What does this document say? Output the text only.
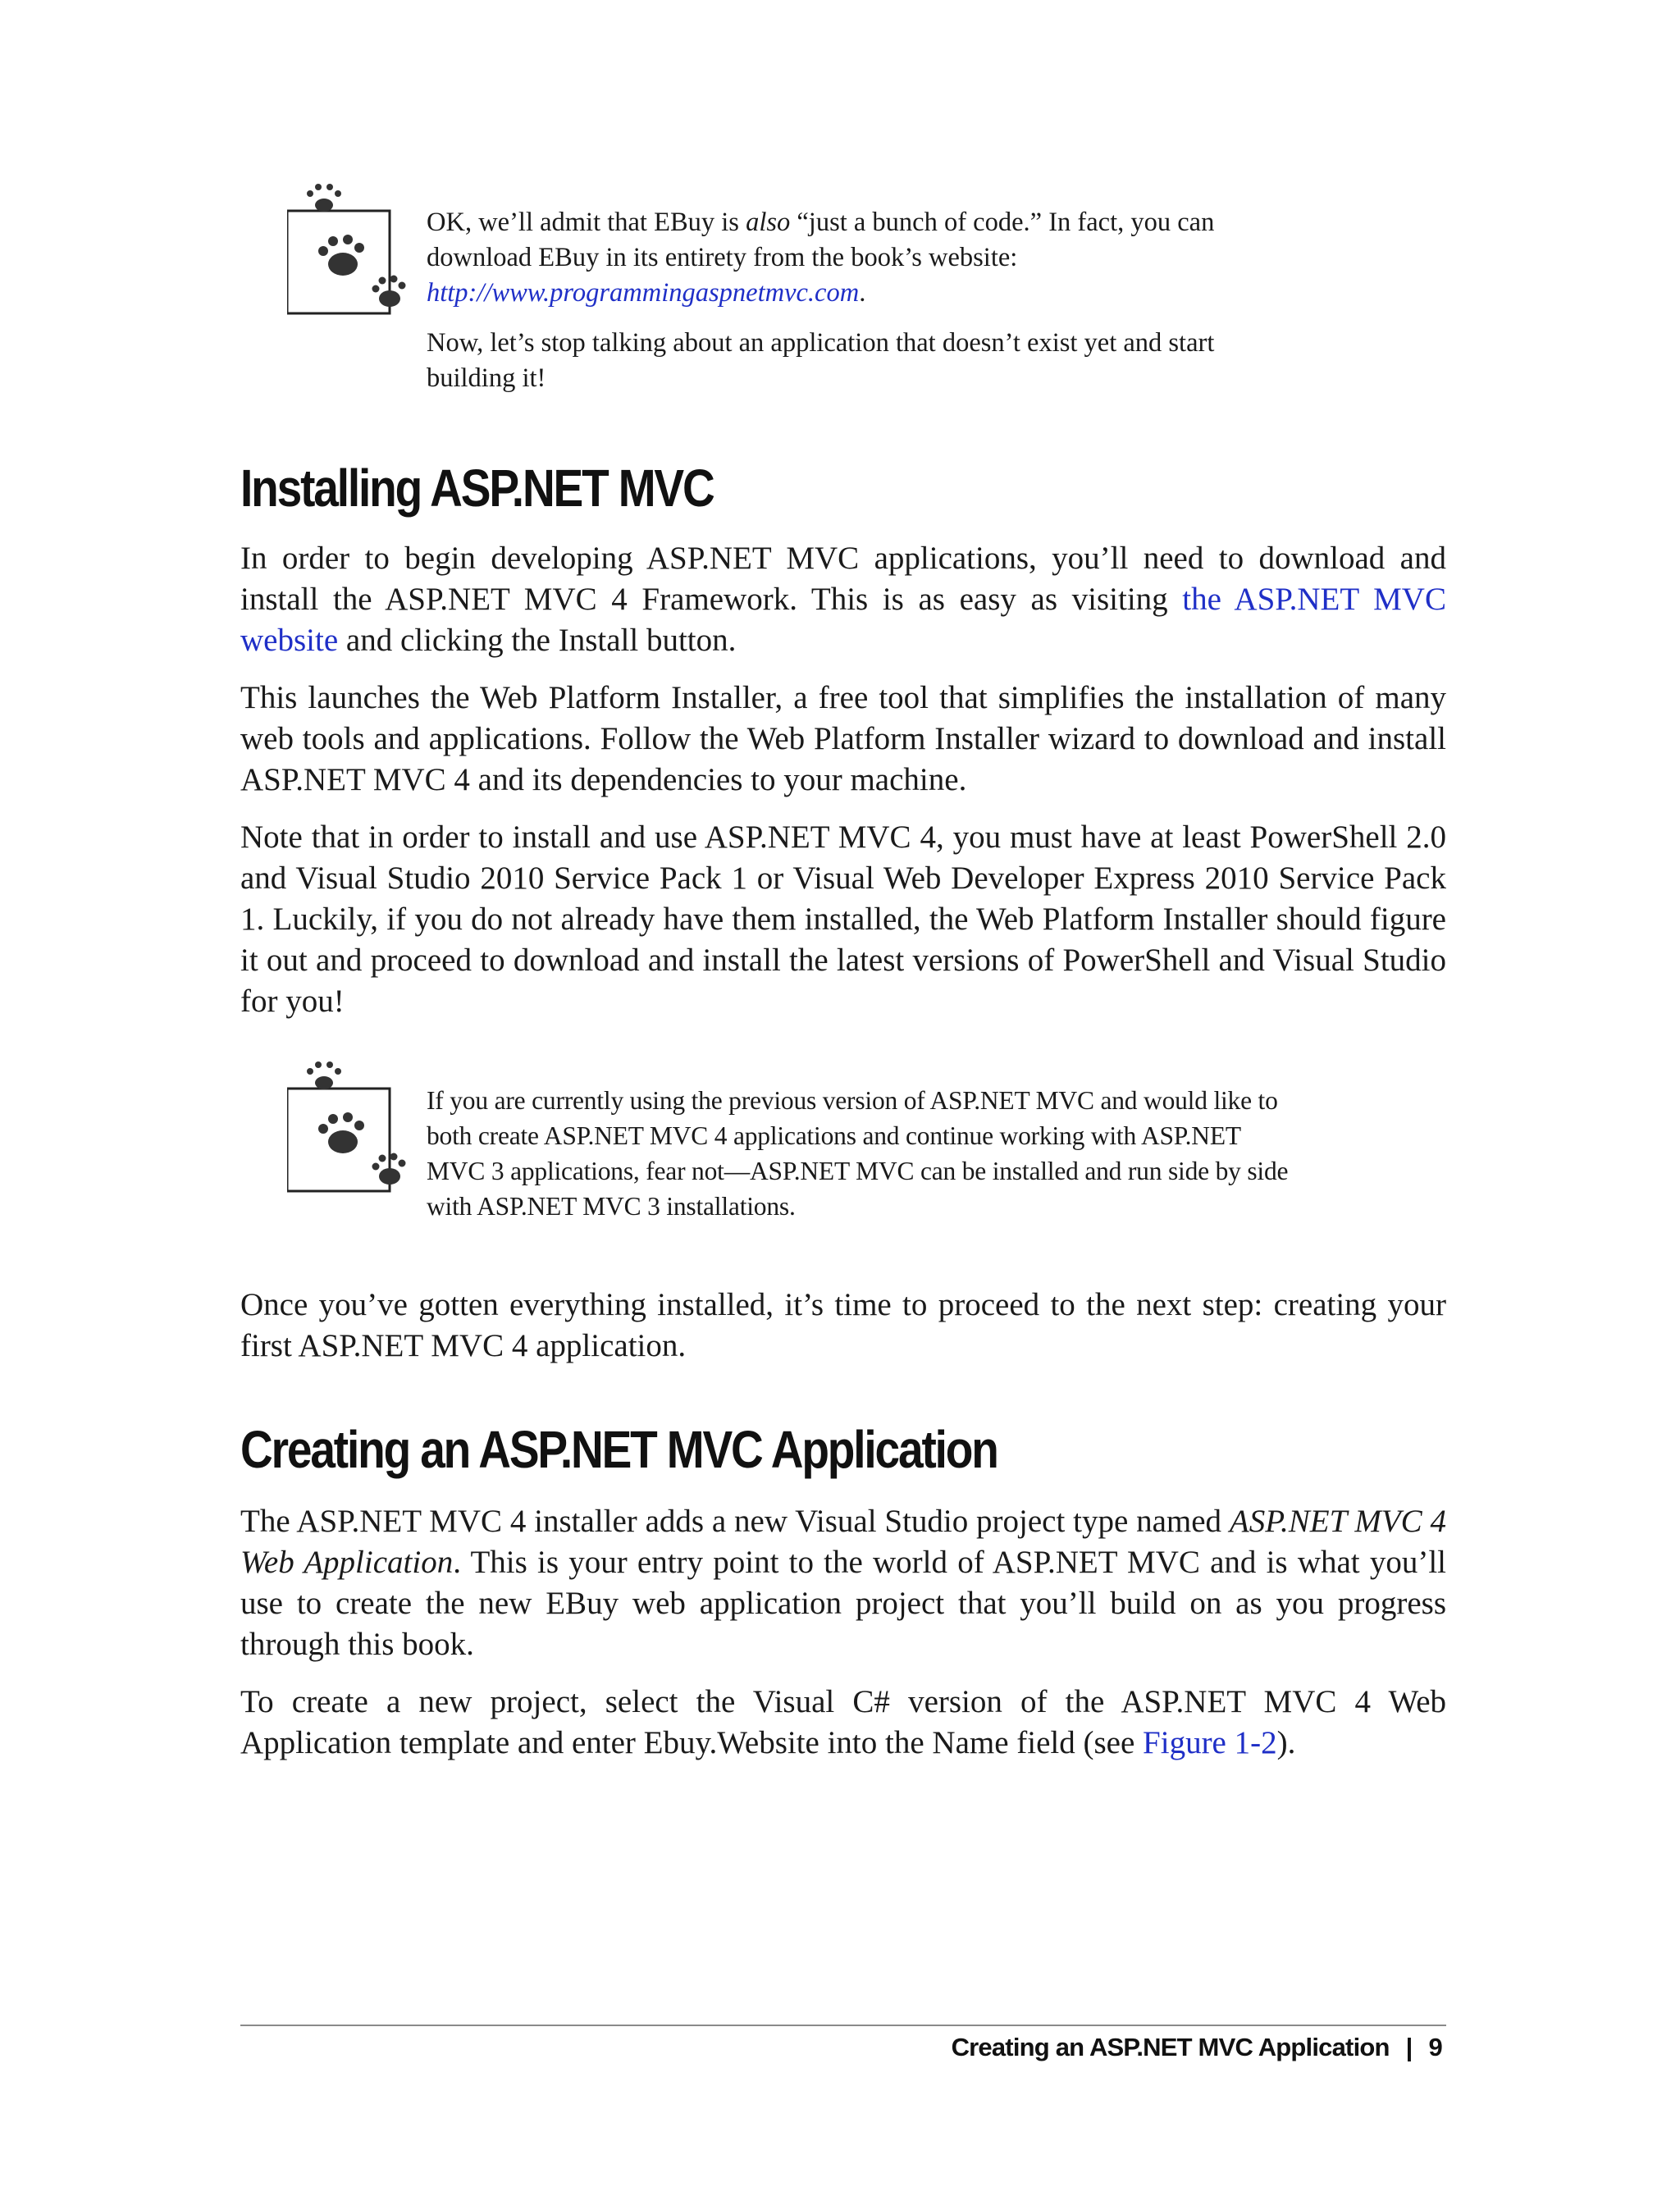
OK, we’ll admit that EBuy is also “just a bunch of code.” In fact, you can download EBuy in its entirety from the book’s website: http://www.programmingaspnetmvc.com.

Now, let’s stop talking about an application that doesn’t exist yet and start building it!

Installing ASP.NET MVC

In order to begin developing ASP.NET MVC applications, you’ll need to download and install the ASP.NET MVC 4 Framework. This is as easy as visiting the ASP.NET MVC website and clicking the Install button.

This launches the Web Platform Installer, a free tool that simplifies the installation of many web tools and applications. Follow the Web Platform Installer wizard to download and install ASP.NET MVC 4 and its dependencies to your machine.

Note that in order to install and use ASP.NET MVC 4, you must have at least PowerShell 2.0 and Visual Studio 2010 Service Pack 1 or Visual Web Developer Express 2010 Service Pack 1. Luckily, if you do not already have them installed, the Web Platform Installer should figure it out and proceed to download and install the latest versions of PowerShell and Visual Studio for you!

If you are currently using the previous version of ASP.NET MVC and would like to both create ASP.NET MVC 4 applications and continue working with ASP.NET MVC 3 applications, fear not—ASP.NET MVC can be installed and run side by side with ASP.NET MVC 3 installations.

Once you’ve gotten everything installed, it’s time to proceed to the next step: creating your first ASP.NET MVC 4 application.

Creating an ASP.NET MVC Application

The ASP.NET MVC 4 installer adds a new Visual Studio project type named ASP.NET MVC 4 Web Application. This is your entry point to the world of ASP.NET MVC and is what you’ll use to create the new EBuy web application project that you’ll build on as you progress through this book.

To create a new project, select the Visual C# version of the ASP.NET MVC 4 Web Application template and enter Ebuy.Website into the Name field (see Figure 1-2).

Creating an ASP.NET MVC Application | 9
